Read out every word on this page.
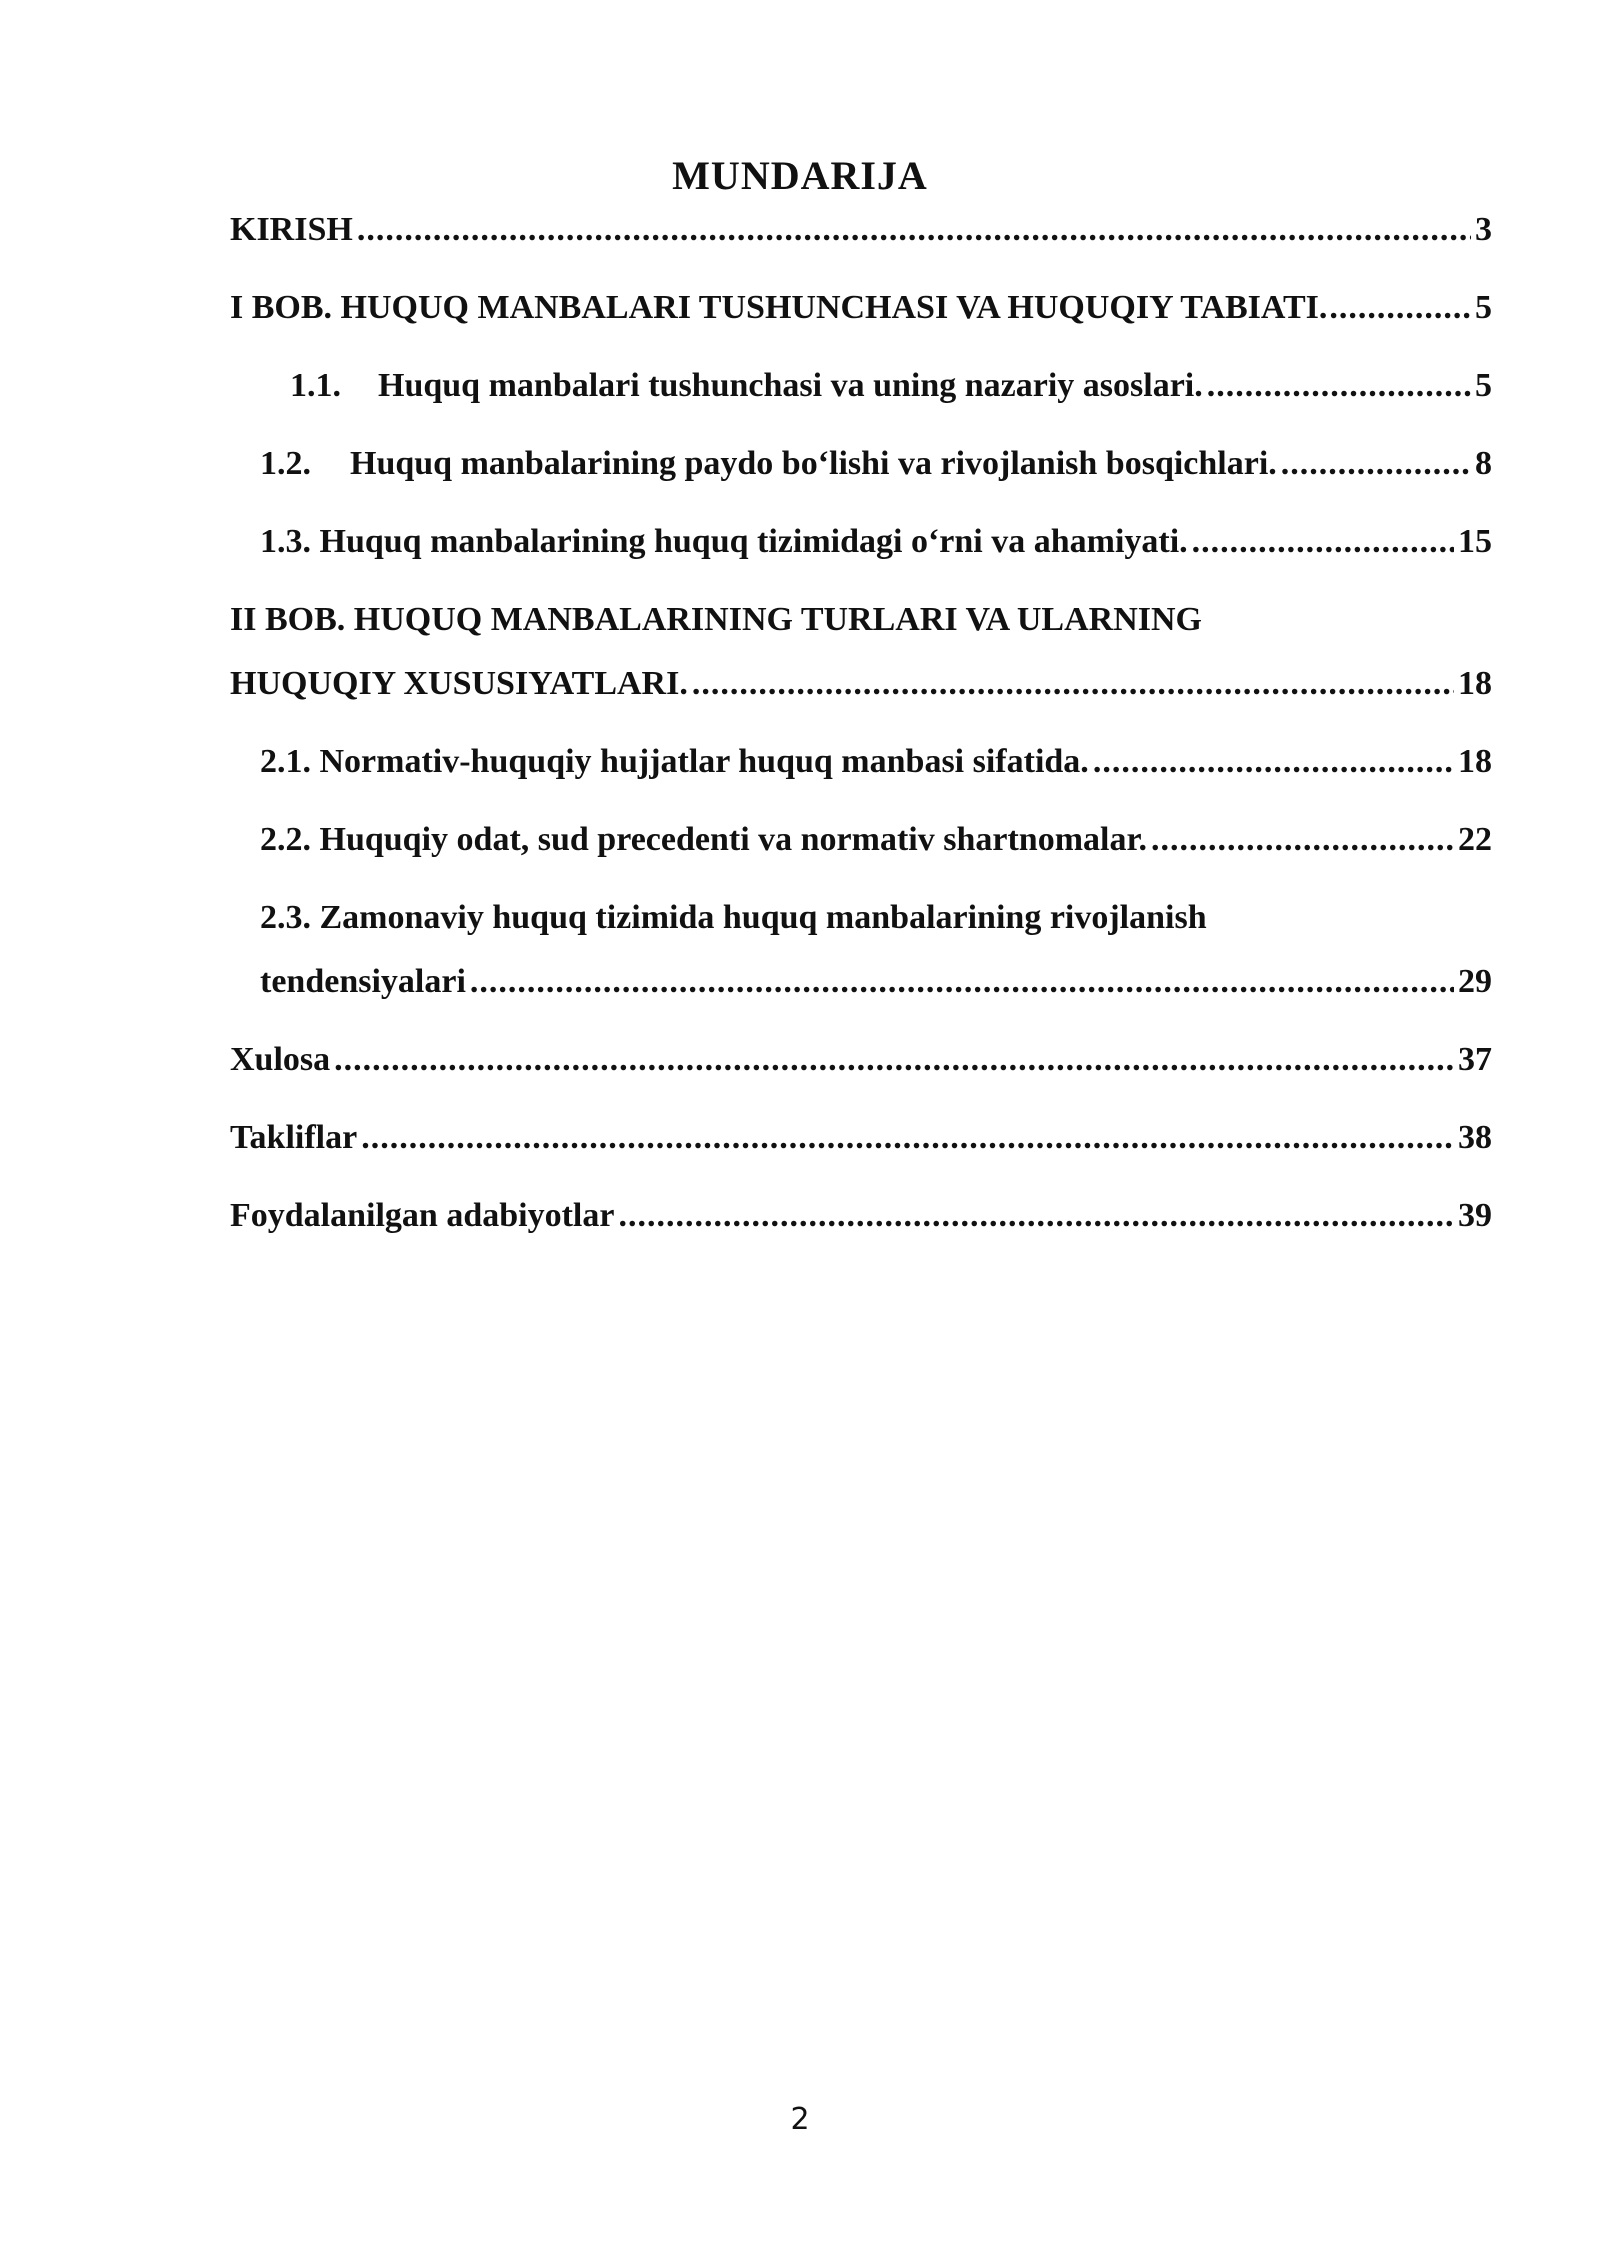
MUNDARIJA
KIRISH .....	3
I BOB. HUQUQ MANBALARI TUSHUNCHASI VA HUQUQIY TABIATI. .....	5
1.1.	Huquq manbalari tushunchasi va uning nazariy asoslari. .....	5
1.2.	Huquq manbalarining paydo bo‘lishi va rivojlanish bosqichlari. .....	8
1.3. Huquq manbalarining huquq tizimidagi o‘rni va ahamiyati. .....	15
II BOB. HUQUQ MANBALARINING TURLARI VA ULARNING
HUQUQIY XUSUSIYATLARI. .....	18
2.1. Normativ-huquqiy hujjatlar huquq manbasi sifatida. .....	18
2.2. Huquqiy odat, sud precedenti va normativ shartnomalar. .....	22
2.3. Zamonaviy huquq tizimida huquq manbalarining rivojlanish
tendensiyalari .....	29
Xulosa .....	37
Takliflar .....	38
Foydalanilgan adabiyotlar .....	39
2
